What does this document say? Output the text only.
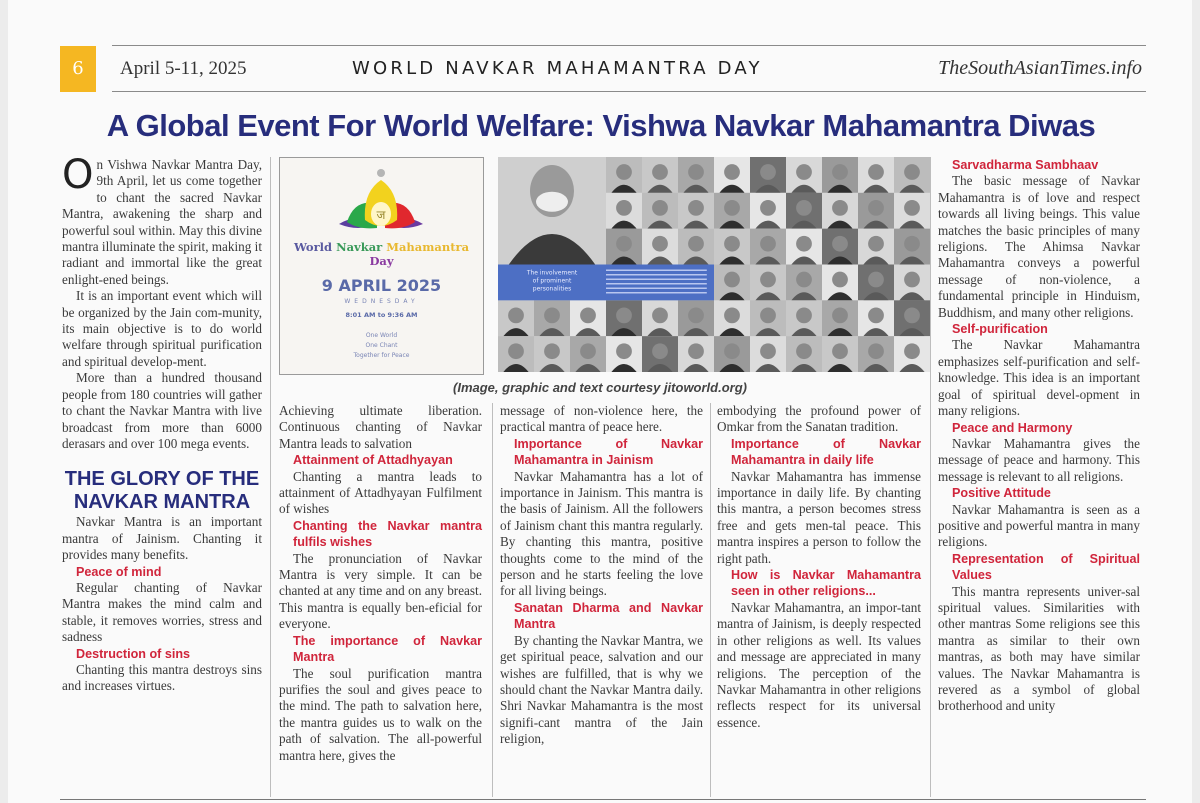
6	April 5-11, 2025	WORLD NAVKAR MAHAMANTRA DAY	TheSouthAsianTimes.info
A Global Event For World Welfare: Vishwa Navkar Mahamantra Diwas

On Vishwa Navkar Mantra Day, 9th April, let us come together to chant the sacred Navkar Mantra, awakening the sharp and powerful soul within. May this divine mantra illuminate the spirit, making it radiant and immortal like the great enlight-ened beings.

It is an important event which will be organized by the Jain com-munity, its main objective is to do world welfare through spiritual purification and spiritual develop-ment.

More than a hundred thousand people from 180 countries will gather to chant the Navkar Mantra with live broadcast from more than 6000 derasars and over 100 mega events.

THE GLORY OF THE
NAVKAR MANTRA

Navkar Mantra is an important mantra of Jainism. Chanting it provides many benefits.

Peace of mind

Regular chanting of Navkar Mantra makes the mind calm and stable, it removes worries, stress and sadness

Destruction of sins

Chanting this mantra destroys sins and increases virtues.

ज
World Navkar Mahamantra Day
9 APRIL 2025
WEDNESDAY
8:01 AM to 9:36 AM
One World
One Chant
Together for Peace
The involvement
of prominent
personalities
(Image, graphic and text courtesy jitoworld.org)

Achieving ultimate liberation. Continuous chanting of Navkar Mantra leads to salvation

Attainment of Attadhyayan

Chanting a mantra leads to attainment of Attadhyayan Fulfilment of wishes

Chanting the Navkar mantra fulfils wishes

The pronunciation of Navkar Mantra is very simple. It can be chanted at any time and on any breast. This mantra is equally ben-eficial for everyone.

The importance of Navkar Mantra

The soul purification mantra purifies the soul and gives peace to the mind. The path to salvation here, the mantra guides us to walk on the path of salvation. The all-powerful mantra here, gives the

message of non-violence here, the practical mantra of peace here.

Importance of Navkar Mahamantra in Jainism

Navkar Mahamantra has a lot of importance in Jainism. This mantra is the basis of Jainism. All the followers of Jainism chant this mantra regularly. By chanting this mantra, positive thoughts come to the mind of the person and he starts feeling the love for all living beings.

Sanatan Dharma and Navkar Mantra

By chanting the Navkar Mantra, we get spiritual peace, salvation and our wishes are fulfilled, that is why we should chant the Navkar Mantra daily. Shri Navkar Mahamantra is the most signifi-cant mantra of the Jain religion,

embodying the profound power of Omkar from the Sanatan tradition.

Importance of Navkar Mahamantra in daily life

Navkar Mahamantra has immense importance in daily life. By chanting this mantra, a person becomes stress free and gets men-tal peace. This mantra inspires a person to follow the right path.

How is Navkar Mahamantra seen in other religions...

Navkar Mahamantra, an impor-tant mantra of Jainism, is deeply respected in other religions as well. Its values and message are appreciated in many religions. The perception of the Navkar Mahamantra in other religions reflects respect for its universal essence.

Sarvadharma Sambhaav

The basic message of Navkar Mahamantra is of love and respect towards all living beings. This value matches the basic principles of many religions. The Ahimsa Navkar Mahamantra conveys a powerful message of non-violence, a fundamental principle in Hinduism, Buddhism, and many other religions.

Self-purification

The Navkar Mahamantra emphasizes self-purification and self-knowledge. This idea is an important goal of spiritual devel-opment in many religions.

Peace and Harmony

Navkar Mahamantra gives the message of peace and harmony. This message is relevant to all religions.

Positive Attitude

Navkar Mahamantra is seen as a positive and powerful mantra in many religions.

Representation of Spiritual Values

This mantra represents univer-sal spiritual values. Similarities with other mantras Some religions see this mantra as similar to their own mantras, as both may have similar values. The Navkar Mahamantra is revered as a symbol of global brotherhood and unity
